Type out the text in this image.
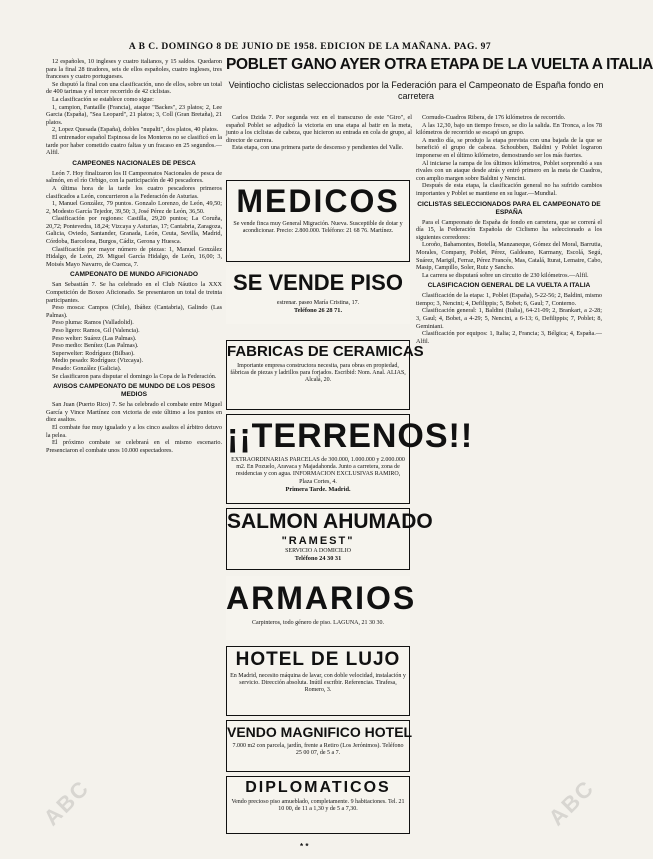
A B C. DOMINGO 8 DE JUNIO DE 1958. EDICION DE LA MAÑANA. PAG. 97

12 españoles, 10 ingleses y cuatro italianos, y 15 saldos. Quedaron para la final 28 tiradores, seis de ellos españoles, cuatro ingleses, tres franceses y cuatro portugueses.

Se disputó la final con una clasificación, uno de ellos, sobre un total de 400 tarimas y el tercer recorrido de 42 ciclistas.

La clasificación se establece como sigue:

1, campion, Fantaille (Francia), ataque "Backes", 23 platos; 2, Lee Garcia (España), "Sea Leopard", 21 platos; 3, Coll (Gran Bretaña), 21 platos.

2, Lopez Quesada (España), dobles "nupalti", dos platos, 40 platos.

El entrenador español Espinosa de los Monteros no se clasificó en la tarde por haber cometido cuatro faltas y un fracaso en 25 segundos.—Alfil.

CAMPEONES NACIONALES DE PESCA

León 7. Hoy finalizaron los II Campeonatos Nacionales de pesca de salmón, en el río Orbigo, con la participación de 40 pescadores.

A última hora de la tarde los cuatro pescadores primeros clasificados a León, concurrieron a la Federación de Asturias.

1, Manuel González, 79 puntos. Gonzalo Lorenzo, de León, 49,50; 2, Modesto García Tejedor, 39,50; 3, José Pérez de León, 36,50.

Clasificación por regiones: Castilla, 29,20 puntos; La Coruña, 20,72; Pontevedra, 18,24; Vizcaya y Asturias, 17; Cantabria, Zaragoza, Galicia, Oviedo, Santander, Granada, León, Ceuta, Sevilla, Madrid, Córdoba, Barcelona, Burgos, Cádiz, Gerona y Huesca.

Clasificación por mayor número de piezas: 1, Manuel González Hidalgo, de León, 29. Miguel García Hidalgo, de León, 16,00; 3, Moisés Mayo Navarro, de Cuenca, 7.

CAMPEONATO DE MUNDO AFICIONADO

San Sebastián 7. Se ha celebrado en el Club Náutico la XXX Competición de Boxeo Aficionado. Se presentaron un total de treinta participantes.

Peso mosca: Campos (Chile), Ibáñez (Cantabria), Galindo (Las Palmas).

Peso pluma: Ramos (Valladolid).

Peso ligero: Ramos, Gil (Valencia).

Peso welter: Suárez (Las Palmas).

Peso medio: Benítez (Las Palmas).

Superwelter: Rodríguez (Bilbao).

Medio pesado: Rodríguez (Vizcaya).

Pesado: González (Galicia).

Se clasificaron para disputar el domingo la Copa de la Federación.

AVISOS CAMPEONATO DE MUNDO DE LOS PESOS MEDIOS

San Juan (Puerto Rico) 7. Se ha celebrado el combate entre Miguel García y Vince Martínez con victoria de este último a los puntos en diez asaltos.

El combate fue muy igualado y a los cinco asaltos el árbitro detuvo la pelea.

El próximo combate se celebrará en el mismo escenario. Presenciaron el combate unos 10.000 espectadores.

POBLET GANO AYER OTRA ETAPA DE LA VUELTA A ITALIA
Veintiocho ciclistas seleccionados por la Federación para el Campeonato de España fondo en carretera

Carlos Dzida 7. Por segunda vez en el transcurso de este "Giro", el español Poblet se adjudicó la victoria en una etapa al batir en la meta, junto a los ciclistas de cabeza, que hicieron su entrada en cola de grupo, al director de carrera.

Esta etapa, con una primera parte de descenso y pendientes del Valle.

MEDICOS
Se vende finca muy General Migración. Nueva. Susceptible de dotar y acondicionar. Precio: 2.800.000. Teléfono: 21 68 76. Martínez.
SE VENDE PISO
estrenar. paseo María Cristina, 17.
Teléfono 26 28 71.
FABRICAS DE CERAMICAS
Importante empresa constructora necesita, para obras en propiedad, fábricas de piezas y ladrillos para forjados. Escribid: Nom. Anal. ALIAS, Alcalá, 20.
¡¡TERRENOS!!
EXTRAORDINARIAS PARCELAS de 300.000, 1.000.000 y 2.000.000 m2. En Pozuelo, Aravaca y Majadahonda. Junto a carretera, zona de residencias y con agua. INFORMACION EXCLUSIVAS RAMIRO, Plaza Cortes, 4.
Primera Tarde. Madrid.
SALMON AHUMADO
"RAMEST"
SERVICIO A DOMICILIO
Teléfono 24 30 31
ARMARIOS
Carpinteros, todo género de piso. LAGUNA, 21 30 30.
HOTEL DE LUJO
En Madrid, necesito máquina de lavar, con doble velocidad, instalación y servicio. Dirección absoluta. Inútil escribir. Referencias. Tirafesa, Romero, 3.
VENDO MAGNIFICO HOTEL
7.000 m2 con parcela, jardín, frente a Retiro (Los Jerónimos). Teléfono 25 00 07, de 5 a 7.
DIPLOMATICOS
Vendo precioso piso amueblado, completamente. 9 habitaciones. Tel. 21 10 00, de 11 a 1,30 y de 5 a 7,30.

Cornudo-Cuadros Ribera, de 176 kilómetros de recorrido.

A las 12,30, bajo un tiempo fresco, se dio la salida. En Tronca, a los 78 kilómetros de recorrido se escapó un grupo.

A medio día, se produjo la etapa prevista con una bajada de la que se benefició el grupo de cabeza. Schoubben, Baldini y Poblet lograron imponerse en el último kilómetro, demostrando ser los más fuertes.

Al iniciarse la rampa de los últimos kilómetros, Poblet sorprendió a sus rivales con un ataque desde atrás y entró primero en la meta de Cuadros, con amplio margen sobre Baldini y Nencini.

Después de esta etapa, la clasificación general no ha sufrido cambios importantes y Poblet se mantiene en su lugar.—Mundial.

CICLISTAS SELECCIONADOS PARA EL CAMPEONATO DE ESPAÑA

Para el Campeonato de España de fondo en carretera, que se correrá el día 15, la Federación Española de Ciclismo ha seleccionado a los siguientes corredores:

Loroño, Bahamontes, Botella, Manzaneque, Gómez del Moral, Barrutia, Morales, Company, Poblet, Pérez, Galdeano, Karmany, Escolá, Segú, Suárez, Marigil, Ferraz, Pérez Francés, Mas, Catalá, Iturat, Lemaire, Cabo, Masip, Campillo, Soler, Ruiz y Sancho.

La carrera se disputará sobre un circuito de 230 kilómetros.—Alfil.

CLASIFICACION GENERAL DE LA VUELTA A ITALIA

Clasificación de la etapa: 1, Poblet (España), 5-22-56; 2, Baldini, mismo tiempo; 3, Nencini; 4, Defilippis; 5, Bobet; 6, Gaul; 7, Conterno.

Clasificación general: 1, Baldini (Italia), 64-21-09; 2, Brankart, a 2-28; 3, Gaul; 4, Bobet, a 4-29; 5, Nencini, a 6-13; 6, Defilippis; 7, Poblet; 8, Geminiani.

Clasificación por equipos: 1, Italia; 2, Francia; 3, Bélgica; 4, España.—Alfil.

* *
ABC	ABC
